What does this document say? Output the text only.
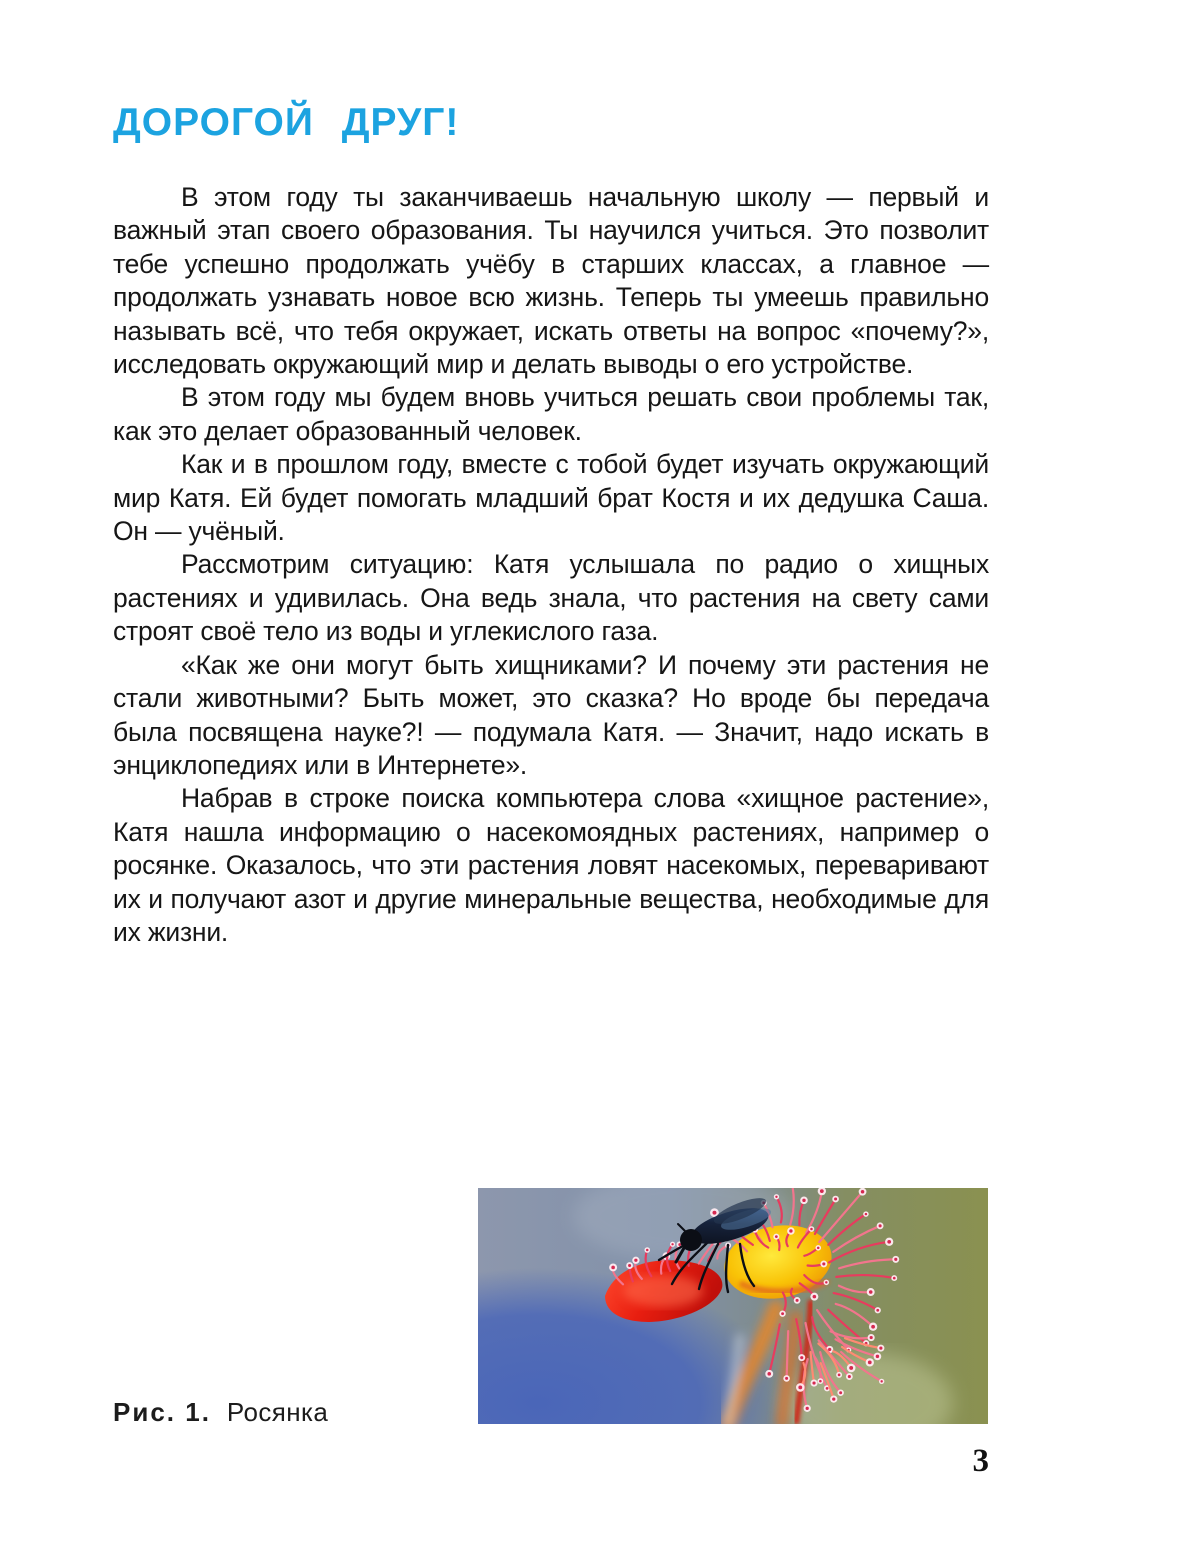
ДОРОГОЙ ДРУГ!

В этом году ты заканчиваешь начальную школу — первый и важный этап своего образования. Ты научился учиться. Это позволит тебе успешно продолжать учёбу в старших классах, а главное — продолжать узнавать новое всю жизнь. Теперь ты умеешь правильно называть всё, что тебя окружает, искать ответы на вопрос «почему?», исследовать окружающий мир и делать выводы о его устройстве.

В этом году мы будем вновь учиться решать свои проблемы так, как это делает образованный человек.

Как и в прошлом году, вместе с тобой будет изучать окружающий мир Катя. Ей будет помогать младший брат Костя и их дедушка Саша. Он — учёный.

Рассмотрим ситуацию: Катя услышала по радио о хищных растениях и удивилась. Она ведь знала, что растения на свету сами строят своё тело из воды и углекислого газа.

«Как же они могут быть хищниками? И почему эти растения не стали животными? Быть может, это сказка? Но вроде бы передача была посвящена науке?! — подумала Катя. — Значит, надо искать в энциклопедиях или в Интернете».

Набрав в строке поиска компьютера слова «хищное растение», Катя нашла информацию о насекомоядных растениях, например о росянке. Оказалось, что эти растения ловят насекомых, переваривают их и получают азот и другие минеральные вещества, необходимые для их жизни.

Рис. 1. Росянка
3
